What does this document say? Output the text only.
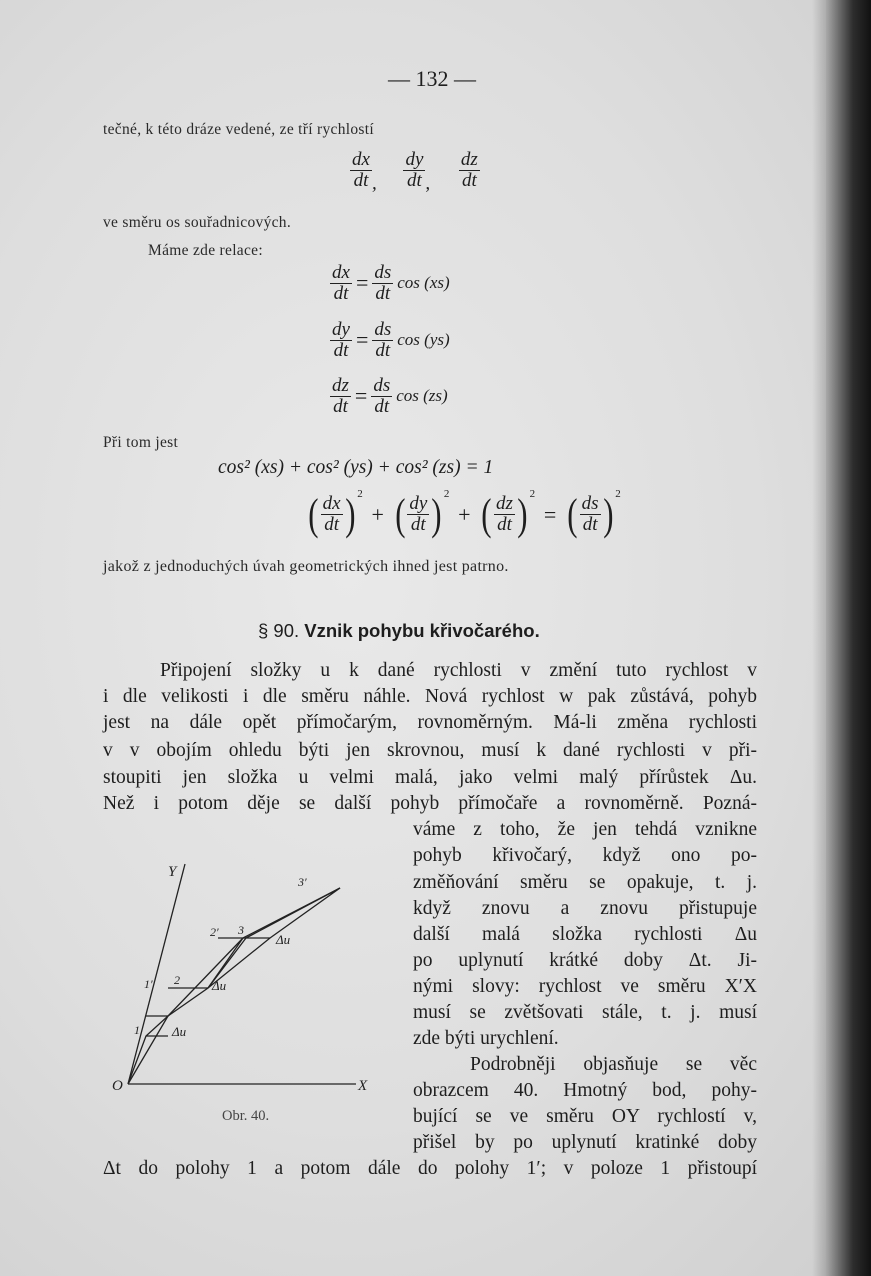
— 132 —
tečné, k této dráze vedené, ze tří rychlostí
$\frac{dx}{dt}$ , $\frac{dy}{dt}$ , $\frac{dz}{dt}$
ve směru os souřadnicových.
Máme zde relace:
$\frac{dx}{dt} = \frac{ds}{dt}$ cos (xs)
$\frac{dy}{dt} = \frac{ds}{dt}$ cos (ys)
$\frac{dz}{dt} = \frac{ds}{dt}$ cos (zs)
Při tom jest
cos² (xs) + cos² (ys) + cos² (zs) = 1
( $\frac{dx}{dt}$ ) $^2$ + ( $\frac{dy}{dt}$ ) $^2$ + ( $\frac{dz}{dt}$ ) $^2$ = ( $\frac{ds}{dt}$ ) $^2$
jakož z jednoduchých úvah geometrických ihned jest patrno.
§ 90. Vznik pohybu křivočarého.
Připojení složky u k dané rychlosti v změní tuto rychlost v
i dle velikosti i dle směru náhle. Nová rychlost w pak zůstává, pohyb
jest na dále opět přímočarým, rovnoměrným. Má-li změna rychlosti
v v obojím ohledu býti jen skrovnou, musí k dané rychlosti v při-
stoupiti jen složka u velmi malá, jako velmi malý přírůstek Δu.
Než i potom děje se další pohyb přímočaře a rovnoměrně. Pozná-
váme z toho, že jen tehdá vznikne
pohyb křivočarý, když ono po-
změňování směru se opakuje, t. j.
když znovu a znovu přistupuje
další malá složka rychlosti Δu
po uplynutí krátké doby Δt. Ji-
nými slovy: rychlost ve směru X′X
musí se zvětšovati stále, t. j. musí
zde býti urychlení.
Podrobněji objasňuje se věc
obrazcem 40. Hmotný bod, pohy-
bující se ve směru OY rychlostí v,
přišel by po uplynutí kratinké doby
Δt do polohy 1 a potom dále do polohy 1′; v poloze 1 přistoupí
Y
X
O
1
1′ 2
2′ 3
3′
Δu
Δu
Δu
Obr. 40.
